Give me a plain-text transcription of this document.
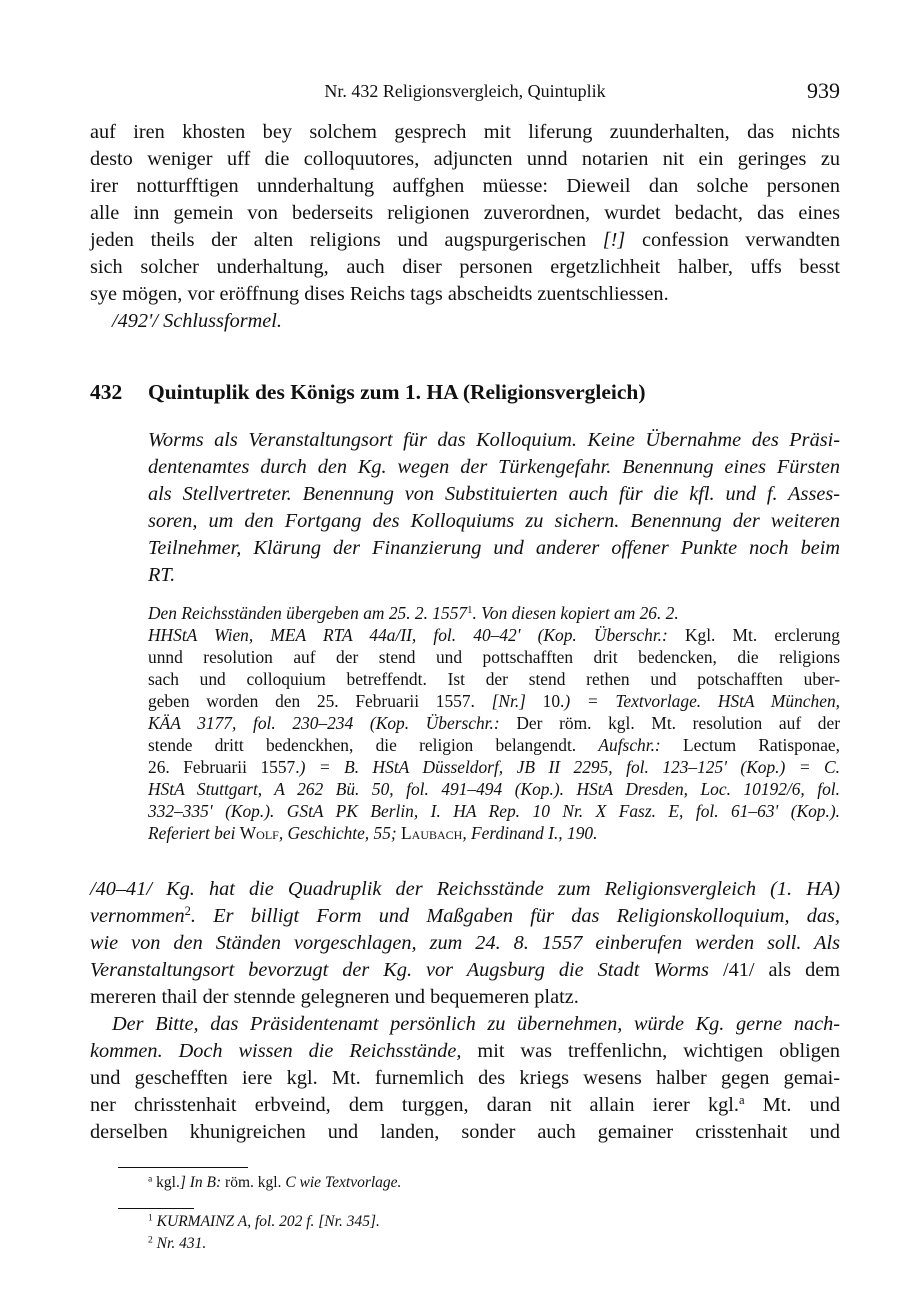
Nr. 432 Religionsvergleich, Quintuplik	939
auf iren khosten bey solchem gesprech mit liferung zuunderhalten, das nichts
desto weniger uff die colloquutores, adjuncten unnd notarien nit ein geringes zu
irer notturfftigen unnderhaltung auffghen müesse: Dieweil dan solche personen
alle inn gemein von bederseits religionen zuverordnen, wurdet bedacht, das eines
jeden theils der alten religions und augspurgerischen [!] confession verwandten
sich solcher underhaltung, auch diser personen ergetzlichheit halber, uffs besst
sye mögen, vor eröffnung dises Reichs tags abscheidts zuentschliessen.
/492'/ Schlussformel.
432 Quintuplik des Königs zum 1. HA (Religionsvergleich)
Worms als Veranstaltungsort für das Kolloquium. Keine Übernahme des Präsi-
dentenamtes durch den Kg. wegen der Türkengefahr. Benennung eines Fürsten
als Stellvertreter. Benennung von Substituierten auch für die kfl. und f. Asses-
soren, um den Fortgang des Kolloquiums zu sichern. Benennung der weiteren
Teilnehmer, Klärung der Finanzierung und anderer offener Punkte noch beim
RT.
Den Reichsständen übergeben am 25. 2. 1557$^1$. Von diesen kopiert am 26. 2.
HHStA Wien, MEA RTA 44a/II, fol. 40–42' (Kop. Überschr.: Kgl. Mt. erclerung
unnd resolution auf der stend und pottschafften drit bedencken, die religions
sach und colloquium betreffendt. Ist der stend rethen und potschafften uber-
geben worden den 25. Februarii 1557. [Nr.] 10.) = Textvorlage. HStA München,
KÄA 3177, fol. 230–234 (Kop. Überschr.: Der röm. kgl. Mt. resolution auf der
stende dritt bedenckhen, die religion belangendt. Aufschr.: Lectum Ratisponae,
26. Februarii 1557.) = B. HStA Düsseldorf, JB II 2295, fol. 123–125' (Kop.) = C.
HStA Stuttgart, A 262 Bü. 50, fol. 491–494 (Kop.). HStA Dresden, Loc. 10192/6, fol.
332–335' (Kop.). GStA PK Berlin, I. HA Rep. 10 Nr. X Fasz. E, fol. 61–63' (Kop.).
Referiert bei Wolf, Geschichte, 55; Laubach, Ferdinand I., 190.
/40–41/ Kg. hat die Quadruplik der Reichsstände zum Religionsvergleich (1. HA)
vernommen$^2$. Er billigt Form und Maßgaben für das Religionskolloquium, das,
wie von den Ständen vorgeschlagen, zum 24. 8. 1557 einberufen werden soll. Als
Veranstaltungsort bevorzugt der Kg. vor Augsburg die Stadt Worms /41/ als dem
mereren thail der stennde gelegneren und bequemeren platz.
Der Bitte, das Präsidentenamt persönlich zu übernehmen, würde Kg. gerne nach-
kommen. Doch wissen die Reichsstände, mit was treffenlichn, wichtigen obligen
und geschefften iere kgl. Mt. furnemlich des kriegs wesens halber gegen gemai-
ner chrisstenhait erbveind, dem turggen, daran nit allain ierer kgl.$^a$ Mt. und
derselben khunigreichen und landen, sonder auch gemainer crisstenhait und
$^a$ kgl.] In B: röm. kgl. C wie Textvorlage.
$^1$ KURMAINZ A, fol. 202 f. [Nr. 345].
$^2$ Nr. 431.
